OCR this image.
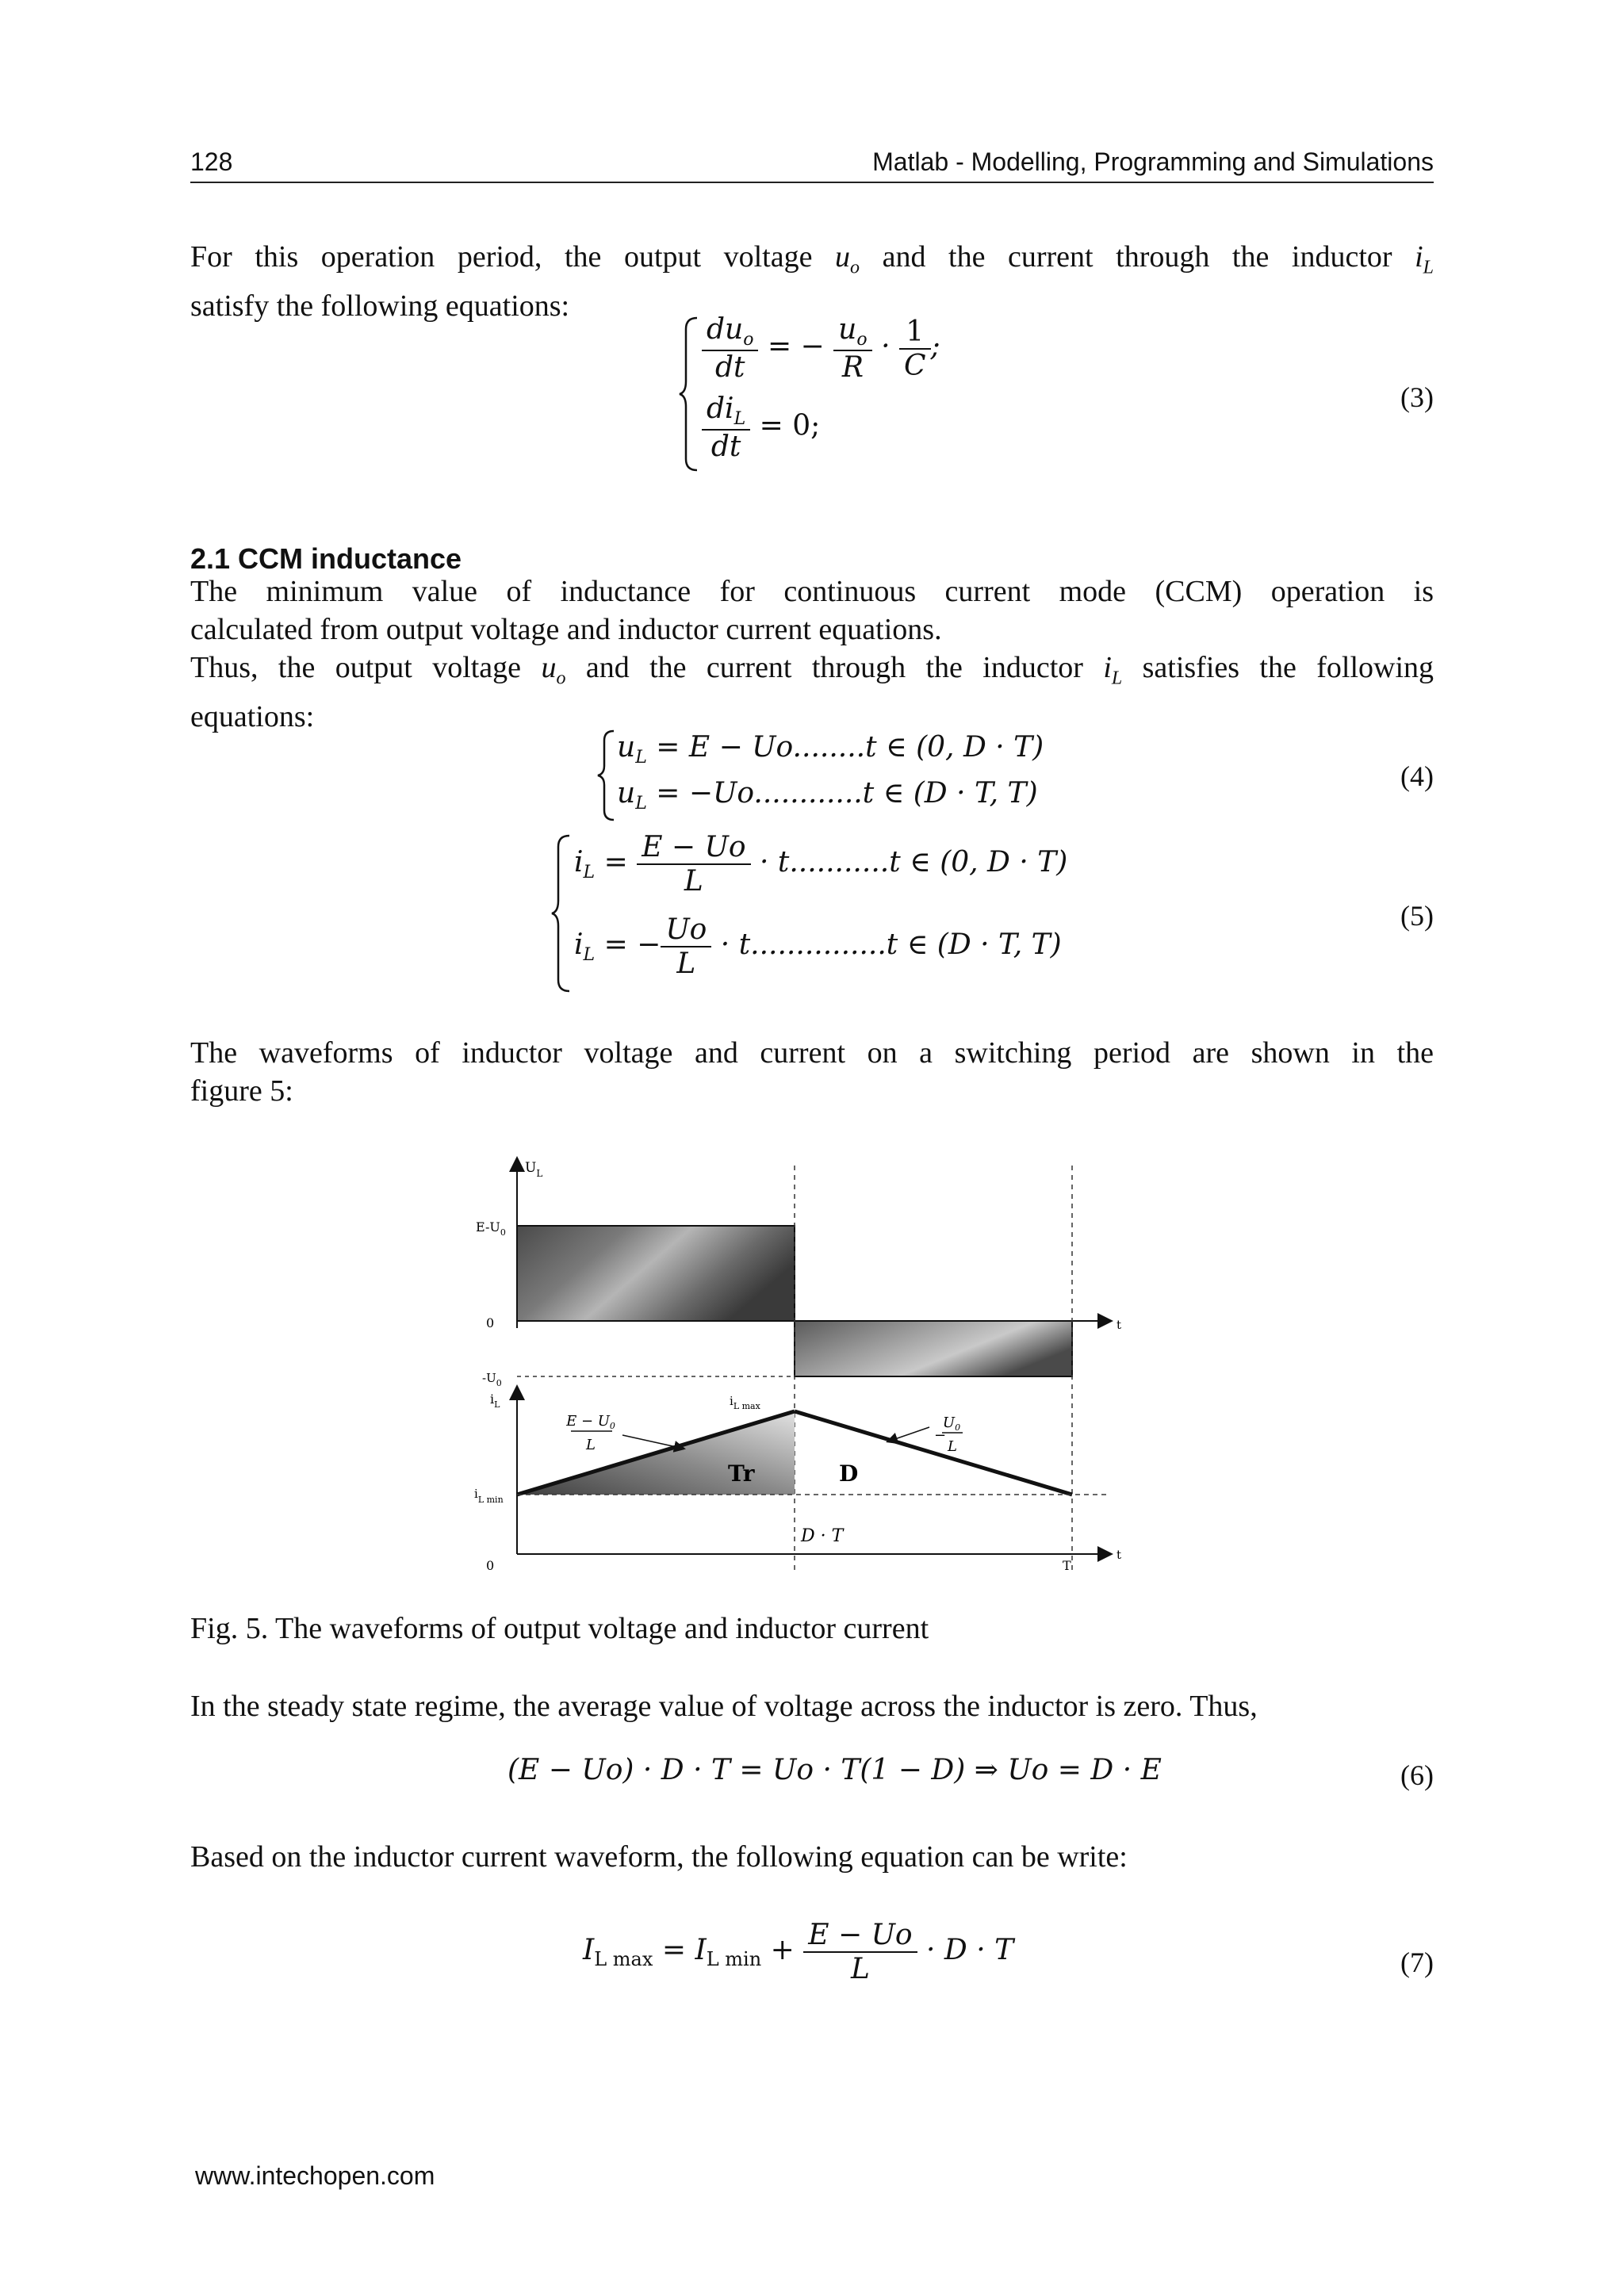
128	Matlab - Modelling, Programming and Simulations
For this operation period, the output voltage $u_o$ and the current through the inductor $i_L$
satisfy the following equations:
$\frac{du_o}{dt}$ = − $\frac{u_o}{R} \cdot \frac{1}{C}$ ;
$\frac{di_L}{dt} = 0$;
(3)
2.1 CCM inductance
The minimum value of inductance for continuous current mode (CCM) operation is
calculated from output voltage and inductor current equations.
Thus, the output voltage $u_o$ and the current through the inductor $i_L$ satisfies the following
equations:
$u_L = E - Uo........t$ ∈ (0, D · T)
$u_L = -Uo............t$ ∈ (D · T, T)
(4)
$i_L = \frac{E - Uo}{L} \cdot t...........t$ ∈ (0, D · T)
$i_L$ = − $\frac{Uo}{L} \cdot t...............t$ ∈ (D · T, T)
(5)
The waveforms of inductor voltage and current on a switching period are shown in the
figure 5:
$U_L$
t
$E-U_0$
0
$-U_0$
$i_L$
t
$i_{L min}$
$i_{L max}$
$E - U_0$
L
−
$U_0$
L
Tr	D
D · T
0	T
Fig. 5. The waveforms of output voltage and inductor current
In the steady state regime, the average value of voltage across the inductor is zero. Thus,
(E − Uo) · D · T = Uo · T(1 − D) ⇒ Uo = D · E	(6)
Based on the inductor current waveform, the following equation can be write:
$I_{L max} = I_{L min} + \frac{E - Uo}{L} \cdot D \cdot T$	(7)
www.intechopen.com
